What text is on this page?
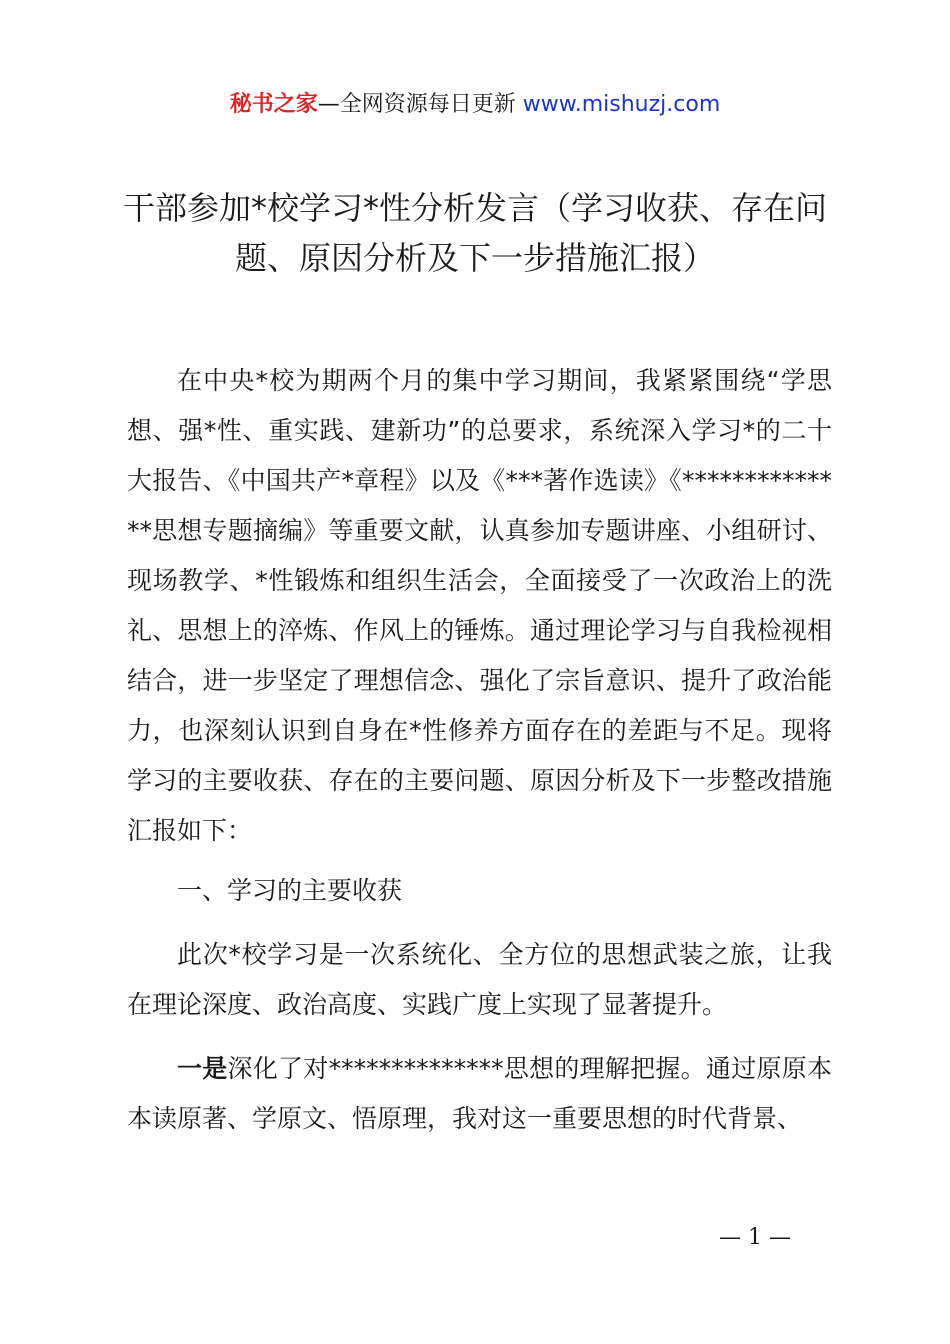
秘书之家—全网资源每日更新 www.mishuzj.com
干部参加*校学习*性分析发言（学习收获、存在问题、原因分析及下一步措施汇报）

在中央*校为期两个月的集中学习期间，我紧紧围绕“学思想、强*性、重实践、建新功”的总要求，系统深入学习*的二十大报告、《中国共产*章程》以及《***著作选读》《**************思想专题摘编》等重要文献，认真参加专题讲座、小组研讨、现场教学、*性锻炼和组织生活会，全面接受了一次政治上的洗礼、思想上的淬炼、作风上的锤炼。通过理论学习与自我检视相结合，进一步坚定了理想信念、强化了宗旨意识、提升了政治能力，也深刻认识到自身在*性修养方面存在的差距与不足。现将学习的主要收获、存在的主要问题、原因分析及下一步整改措施汇报如下：

一、学习的主要收获

此次*校学习是一次系统化、全方位的思想武装之旅，让我在理论深度、政治高度、实践广度上实现了显著提升。

一是深化了对**************思想的理解把握。通过原原本本读原著、学原文、悟原理，我对这一重要思想的时代背景、

— 1 —
